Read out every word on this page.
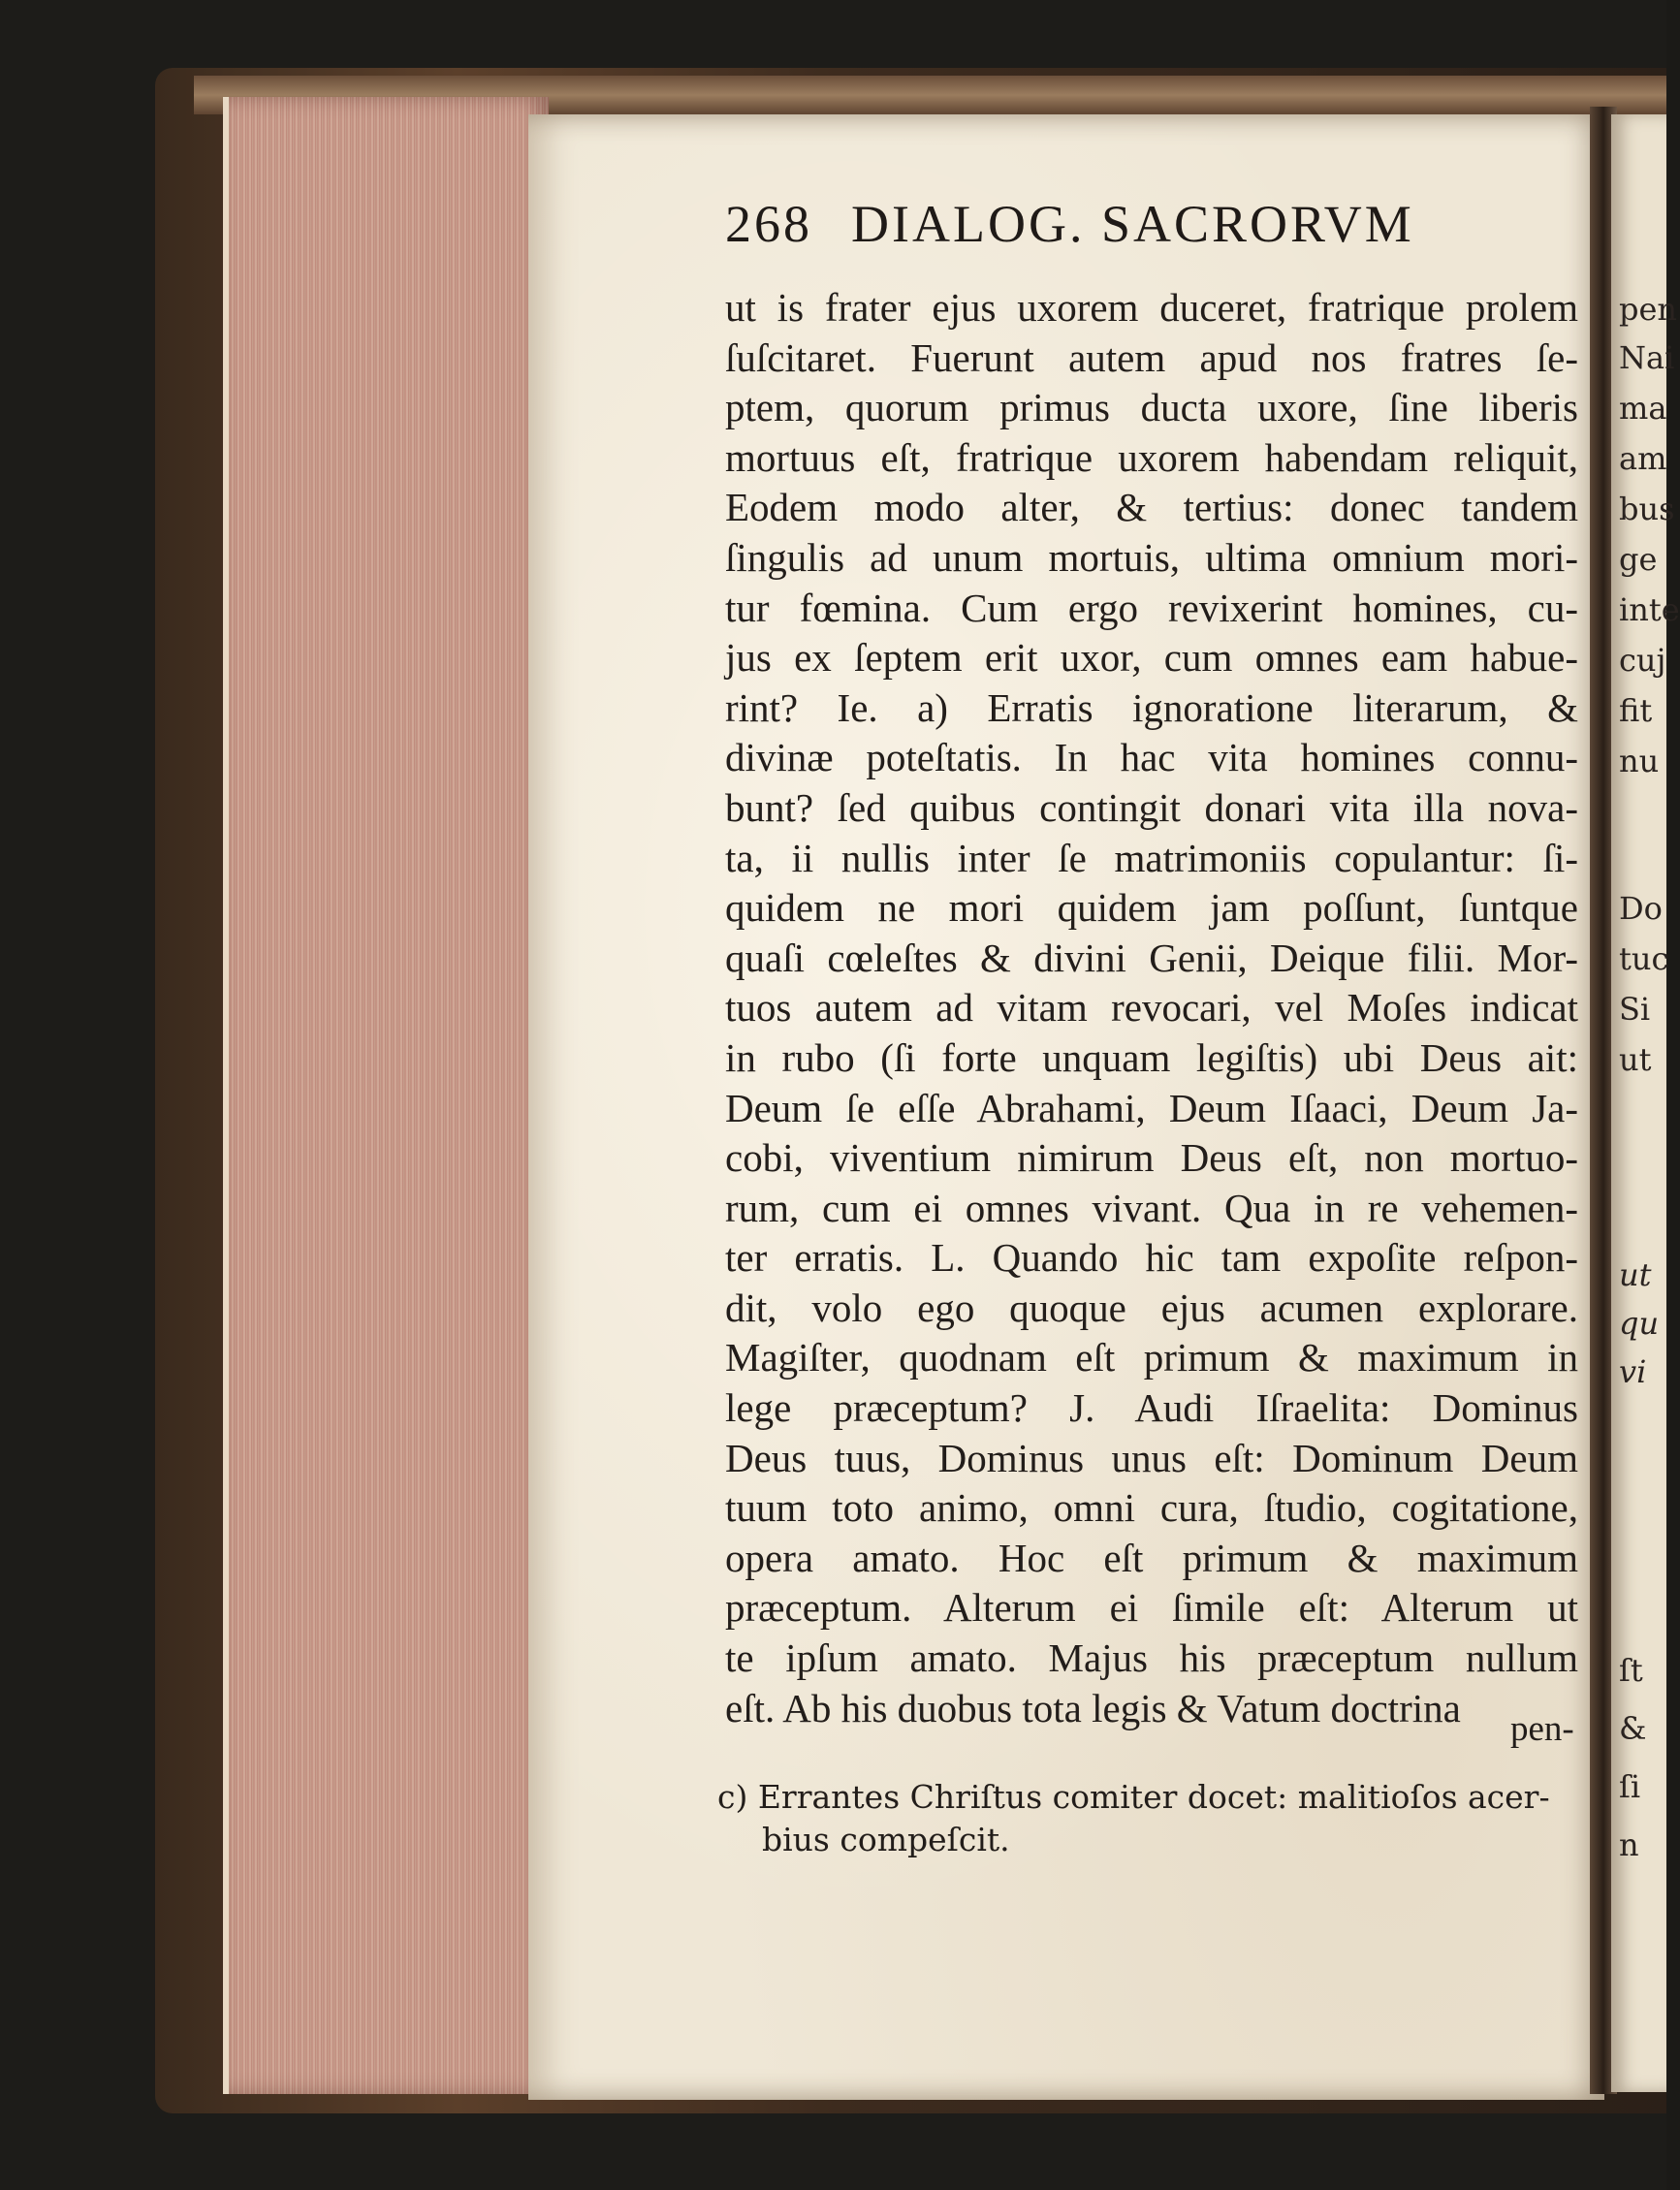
268 DIALOG. SACRORVM
ut is frater ejus uxorem duceret, fratrique prolem
ſuſcitaret. Fuerunt autem apud nos fratres ſe-
ptem, quorum primus ducta uxore, ſine liberis
mortuus eſt, fratrique uxorem habendam reliquit,
Eodem modo alter, & tertius: donec tandem
ſingulis ad unum mortuis, ultima omnium mori-
tur fœmina. Cum ergo revixerint homines, cu-
jus ex ſeptem erit uxor, cum omnes eam habue-
rint? Ie. a) Erratis ignoratione literarum, &
divinæ poteſtatis. In hac vita homines connu-
bunt? ſed quibus contingit donari vita illa nova-
ta, ii nullis inter ſe matrimoniis copulantur: ſi-
quidem ne mori quidem jam poſſunt, ſuntque
quaſi cœleſtes & divini Genii, Deique filii. Mor-
tuos autem ad vitam revocari, vel Moſes indicat
in rubo (ſi forte unquam legiſtis) ubi Deus ait:
Deum ſe eſſe Abrahami, Deum Iſaaci, Deum Ja-
cobi, viventium nimirum Deus eſt, non mortuo-
rum, cum ei omnes vivant. Qua in re vehemen-
ter erratis. L. Quando hic tam expoſite reſpon-
dit, volo ego quoque ejus acumen explorare.
Magiſter, quodnam eſt primum & maximum in
lege præceptum? J. Audi Iſraelita: Dominus
Deus tuus, Dominus unus eſt: Dominum Deum
tuum toto animo, omni cura, ſtudio, cogitatione,
opera amato. Hoc eſt primum & maximum
præceptum. Alterum ei ſimile eſt: Alterum ut
te ipſum amato. Majus his præceptum nullum
eſt. Ab his duobus tota legis & Vatum doctrina	pen-
c) Errantes Chriſtus comiter docet: malitioſos acer-
bius compeſcit.
pen
Nai
ma
am
bus
ge
inte
cuj
fit
nu
Do
tuc
Si
ut
ut
qu
vi
ſt
&
ſi
n
